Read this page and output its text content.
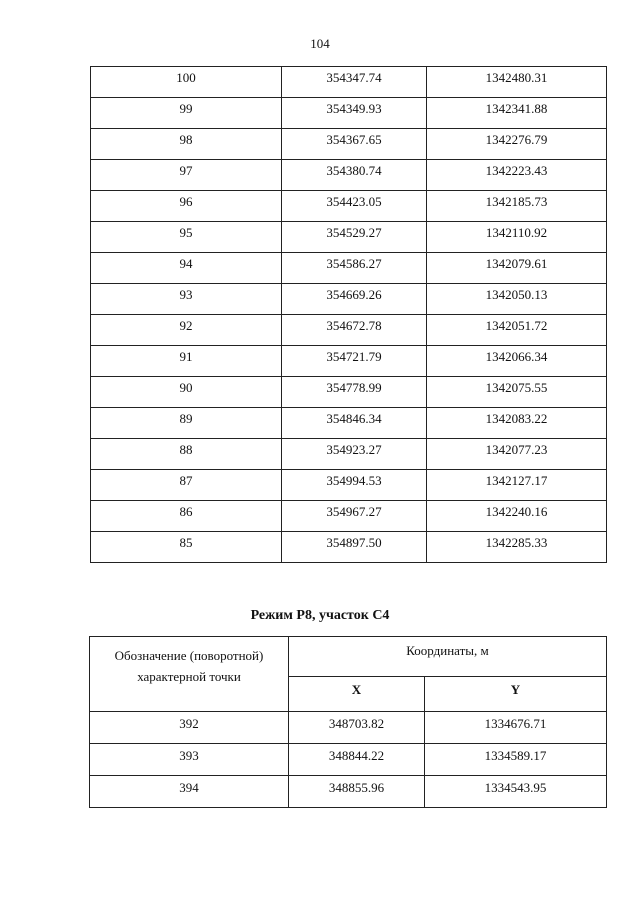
104
100	354347.74	1342480.31
99	354349.93	1342341.88
98	354367.65	1342276.79
97	354380.74	1342223.43
96	354423.05	1342185.73
95	354529.27	1342110.92
94	354586.27	1342079.61
93	354669.26	1342050.13
92	354672.78	1342051.72
91	354721.79	1342066.34
90	354778.99	1342075.55
89	354846.34	1342083.22
88	354923.27	1342077.23
87	354994.53	1342127.17
86	354967.27	1342240.16
85	354897.50	1342285.33
Режим Р8, участок С4
Обозначение (поворотной) характерной точки	Координаты, м	
	X	Y
392	348703.82	1334676.71
393	348844.22	1334589.17
394	348855.96	1334543.95
